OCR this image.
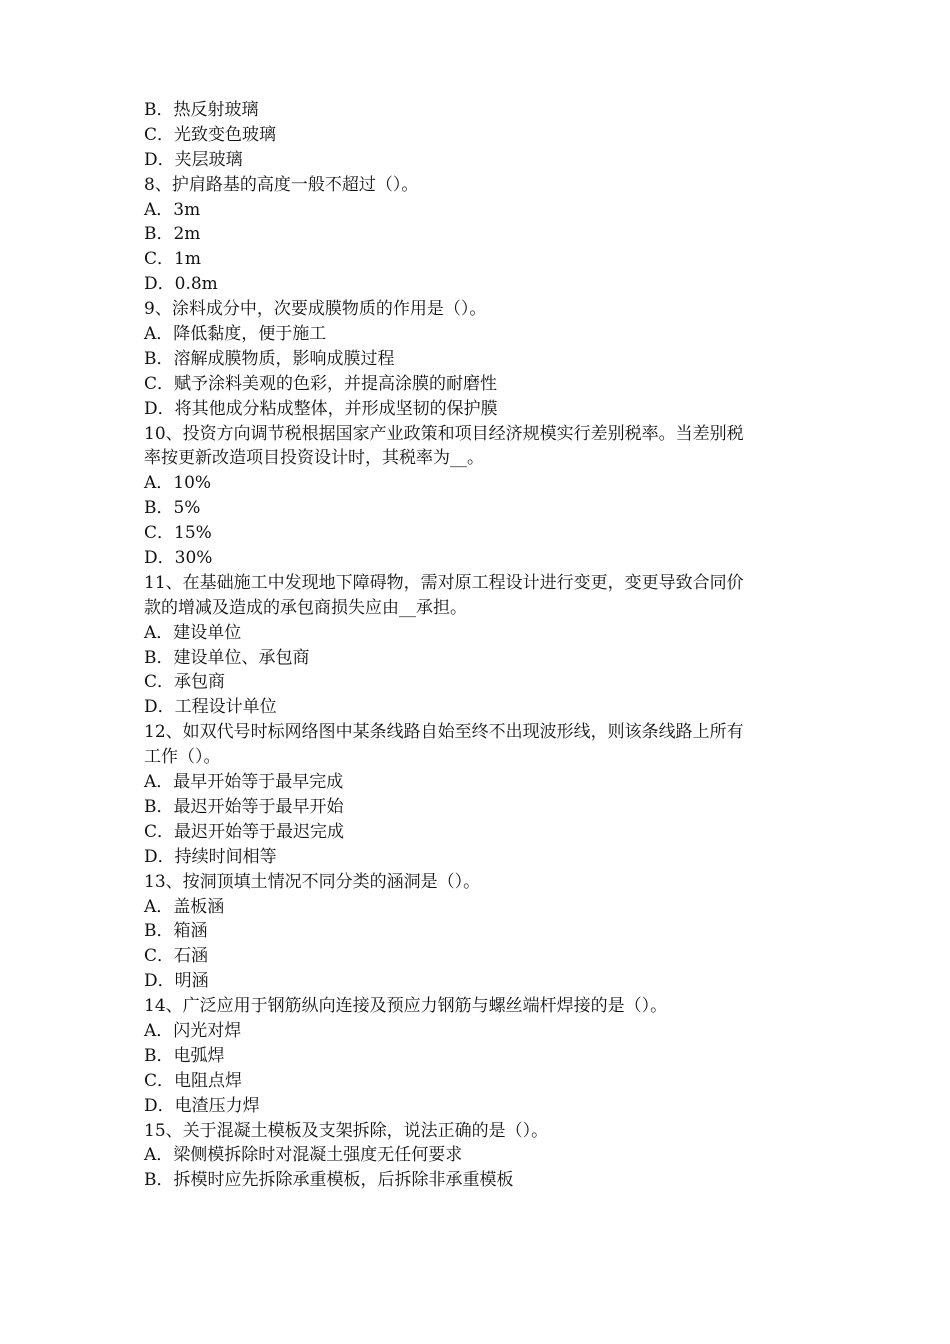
B．热反射玻璃
C．光致变色玻璃
D．夹层玻璃
8、护肩路基的高度一般不超过（）。
A．3m
B．2m
C．1m
D．0.8m
9、涂料成分中，次要成膜物质的作用是（）。
A．降低黏度，便于施工
B．溶解成膜物质，影响成膜过程
C．赋予涂料美观的色彩，并提高涂膜的耐磨性
D．将其他成分粘成整体，并形成坚韧的保护膜
10、投资方向调节税根据国家产业政策和项目经济规模实行差别税率。当差别税
率按更新改造项目投资设计时，其税率为__。
A．10%
B．5%
C．15%
D．30%
11、在基础施工中发现地下障碍物，需对原工程设计进行变更，变更导致合同价
款的增减及造成的承包商损失应由__承担。
A．建设单位
B．建设单位、承包商
C．承包商
D．工程设计单位
12、如双代号时标网络图中某条线路自始至终不出现波形线，则该条线路上所有
工作（）。
A．最早开始等于最早完成
B．最迟开始等于最早开始
C．最迟开始等于最迟完成
D．持续时间相等
13、按洞顶填土情况不同分类的涵洞是（）。
A．盖板涵
B．箱涵
C．石涵
D．明涵
14、广泛应用于钢筋纵向连接及预应力钢筋与螺丝端杆焊接的是（）。
A．闪光对焊
B．电弧焊
C．电阻点焊
D．电渣压力焊
15、关于混凝土模板及支架拆除，说法正确的是（）。
A．梁侧模拆除时对混凝土强度无任何要求
B．拆模时应先拆除承重模板，后拆除非承重模板
